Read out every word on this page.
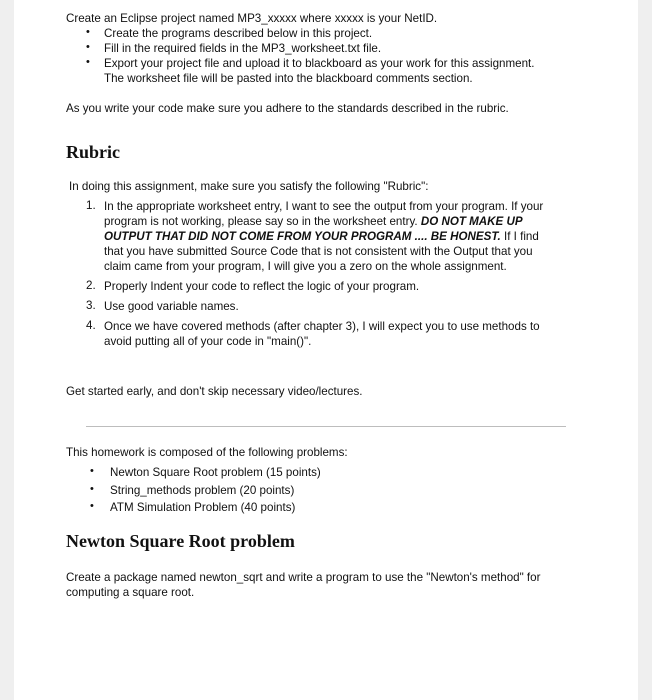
Create an Eclipse project named MP3_xxxxx where xxxxx is your NetID.
• Create the programs described below in this project.
• Fill in the required fields in the MP3_worksheet.txt file.
• Export your project file and upload it to blackboard as your work for this assignment.
The worksheet file will be pasted into the blackboard comments section.
As you write your code make sure you adhere to the standards described in the rubric.
Rubric
In doing this assignment, make sure you satisfy the following "Rubric":
1. In the appropriate worksheet entry, I want to see the output from your program. If your
program is not working, please say so in the worksheet entry. DO NOT MAKE UP
OUTPUT THAT DID NOT COME FROM YOUR PROGRAM .... BE HONEST. If I find
that you have submitted Source Code that is not consistent with the Output that you
claim came from your program, I will give you a zero on the whole assignment.
2. Properly Indent your code to reflect the logic of your program.
3. Use good variable names.
4. Once we have covered methods (after chapter 3), I will expect you to use methods to
avoid putting all of your code in "main()".
Get started early, and don't skip necessary video/lectures.
This homework is composed of the following problems:
• Newton Square Root problem (15 points)
• String_methods problem (20 points)
• ATM Simulation Problem (40 points)
Newton Square Root problem
Create a package named newton_sqrt and write a program to use the "Newton's method" for
computing a square root.
